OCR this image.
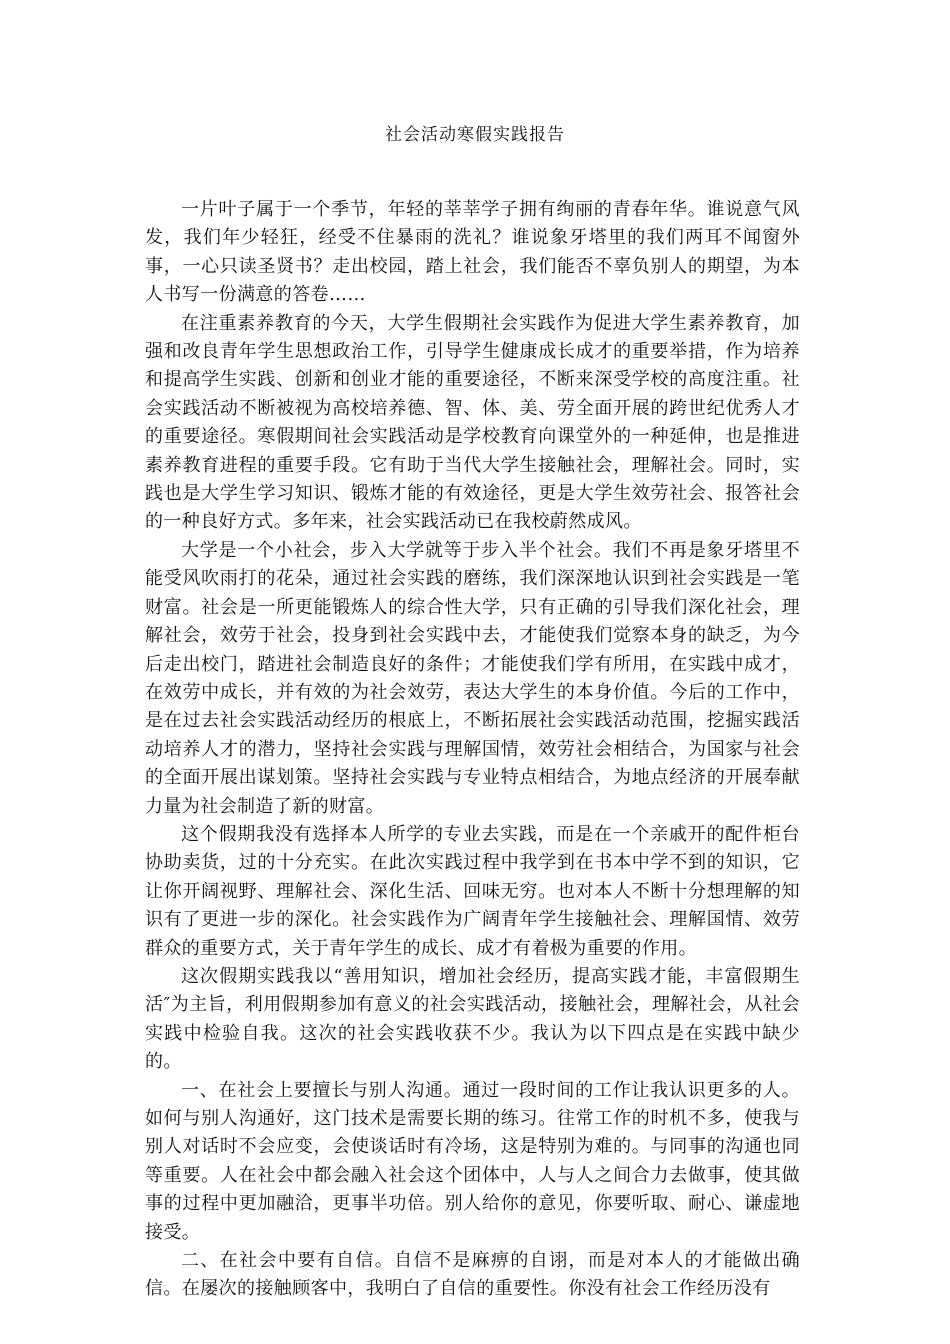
社会活动寒假实践报告

一片叶子属于一个季节，年轻的莘莘学子拥有绚丽的青春年华。谁说意气风发，我们年少轻狂，经受不住暴雨的洗礼？谁说象牙塔里的我们两耳不闻窗外事，一心只读圣贤书？走出校园，踏上社会，我们能否不辜负别人的期望，为本人书写一份满意的答卷……

在注重素养教育的今天，大学生假期社会实践作为促进大学生素养教育，加强和改良青年学生思想政治工作，引导学生健康成长成才的重要举措，作为培养和提高学生实践、创新和创业才能的重要途径，不断来深受学校的高度注重。社会实践活动不断被视为高校培养德、智、体、美、劳全面开展的跨世纪优秀人才的重要途径。寒假期间社会实践活动是学校教育向课堂外的一种延伸，也是推进素养教育进程的重要手段。它有助于当代大学生接触社会，理解社会。同时，实践也是大学生学习知识、锻炼才能的有效途径，更是大学生效劳社会、报答社会的一种良好方式。多年来，社会实践活动已在我校蔚然成风。

大学是一个小社会，步入大学就等于步入半个社会。我们不再是象牙塔里不能受风吹雨打的花朵，通过社会实践的磨练，我们深深地认识到社会实践是一笔财富。社会是一所更能锻炼人的综合性大学，只有正确的引导我们深化社会，理解社会，效劳于社会，投身到社会实践中去，才能使我们觉察本身的缺乏，为今后走出校门，踏进社会制造良好的条件；才能使我们学有所用，在实践中成才，在效劳中成长，并有效的为社会效劳，表达大学生的本身价值。今后的工作中，是在过去社会实践活动经历的根底上，不断拓展社会实践活动范围，挖掘实践活动培养人才的潜力，坚持社会实践与理解国情，效劳社会相结合，为国家与社会的全面开展出谋划策。坚持社会实践与专业特点相结合，为地点经济的开展奉献力量为社会制造了新的财富。

这个假期我没有选择本人所学的专业去实践，而是在一个亲戚开的配件柜台协助卖货，过的十分充实。在此次实践过程中我学到在书本中学不到的知识，它让你开阔视野、理解社会、深化生活、回味无穷。也对本人不断十分想理解的知识有了更进一步的深化。社会实践作为广阔青年学生接触社会、理解国情、效劳群众的重要方式，关于青年学生的成长、成才有着极为重要的作用。

这次假期实践我以“善用知识，增加社会经历，提高实践才能，丰富假期生活″为主旨，利用假期参加有意义的社会实践活动，接触社会，理解社会，从社会实践中检验自我。这次的社会实践收获不少。我认为以下四点是在实践中缺少的。

一、在社会上要擅长与别人沟通。通过一段时间的工作让我认识更多的人。如何与别人沟通好，这门技术是需要长期的练习。往常工作的时机不多，使我与别人对话时不会应变，会使谈话时有冷场，这是特别为难的。与同事的沟通也同等重要。人在社会中都会融入社会这个团体中，人与人之间合力去做事，使其做事的过程中更加融洽，更事半功倍。别人给你的意见，你要听取、耐心、谦虚地接受。

二、在社会中要有自信。自信不是麻痹的自诩，而是对本人的才能做出确信。在屡次的接触顾客中，我明白了自信的重要性。你没有社会工作经历没有
